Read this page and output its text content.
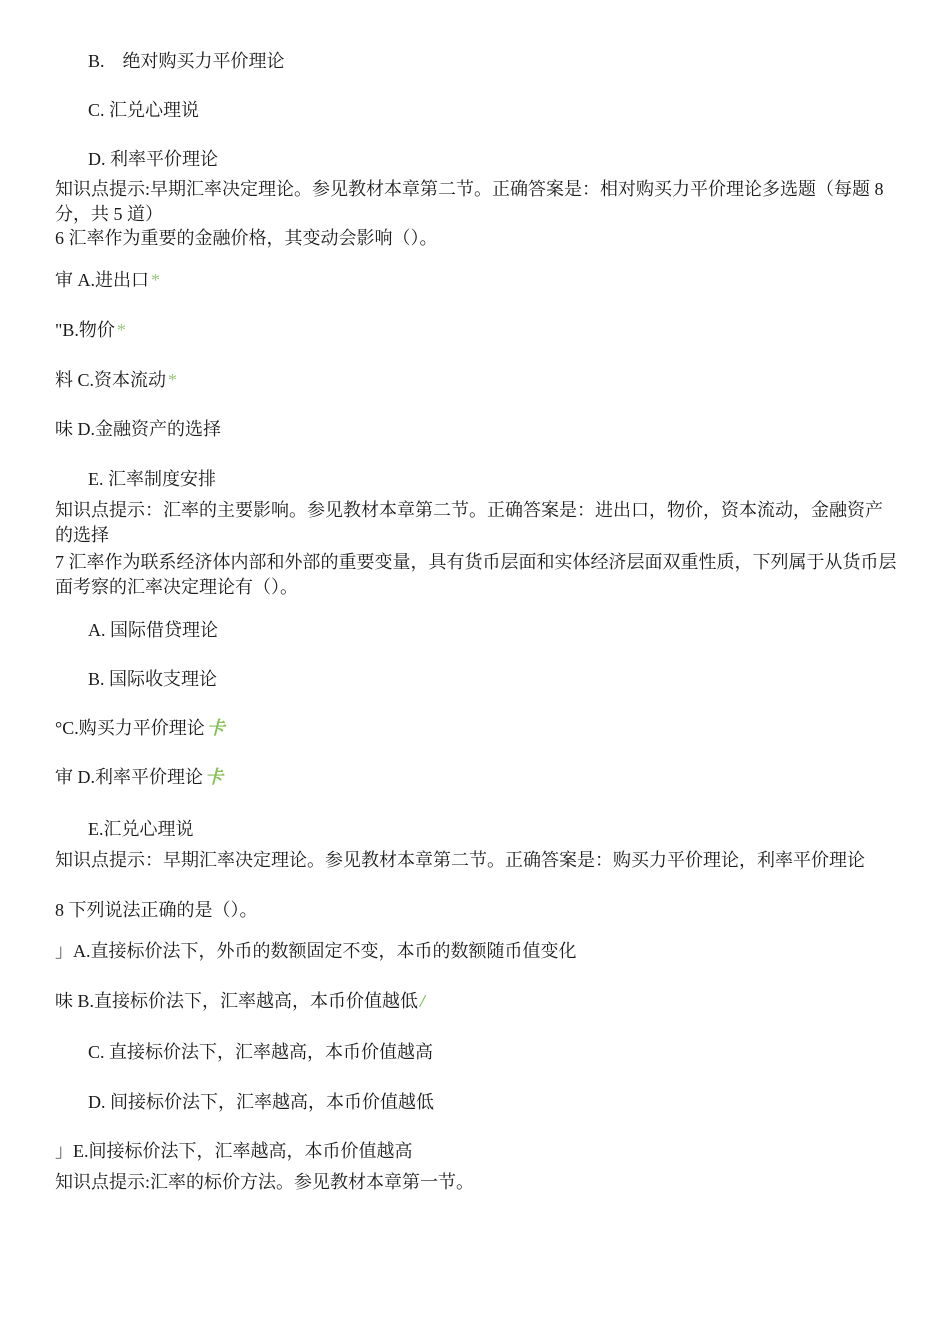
B.　绝对购买力平价理论
C. 汇兑心理说
D. 利率平价理论
知识点提示:早期汇率决定理论。参见教材本章第二节。正确答案是：相对购买力平价理论多选题（每题 8 分，共 5 道）
6 汇率作为重要的金融价格，其变动会影响（）。
审 A.进出口 *
"B.物价 *
料 C.资本流动 *
味 D.金融资产的选择
E. 汇率制度安排
知识点提示：汇率的主要影响。参见教材本章第二节。正确答案是：进出口，物价，资本流动，金融资产的选择
7 汇率作为联系经济体内部和外部的重要变量，具有货币层面和实体经济层面双重性质，下列属于从货币层面考察的汇率决定理论有（）。
A. 国际借贷理论
B. 国际收支理论
°C.购买力平价理论 卡
审 D.利率平价理论 卡
E.汇兑心理说
知识点提示：早期汇率决定理论。参见教材本章第二节。正确答案是：购买力平价理论，利率平价理论
8 下列说法正确的是（）。
」A.直接标价法下，外币的数额固定不变，本币的数额随币值变化
味 B.直接标价法下，汇率越高，本币价值越低 /
C. 直接标价法下，汇率越高，本币价值越高
D. 间接标价法下，汇率越高，本币价值越低
」E.间接标价法下，汇率越高，本币价值越高
知识点提示:汇率的标价方法。参见教材本章第一节。
